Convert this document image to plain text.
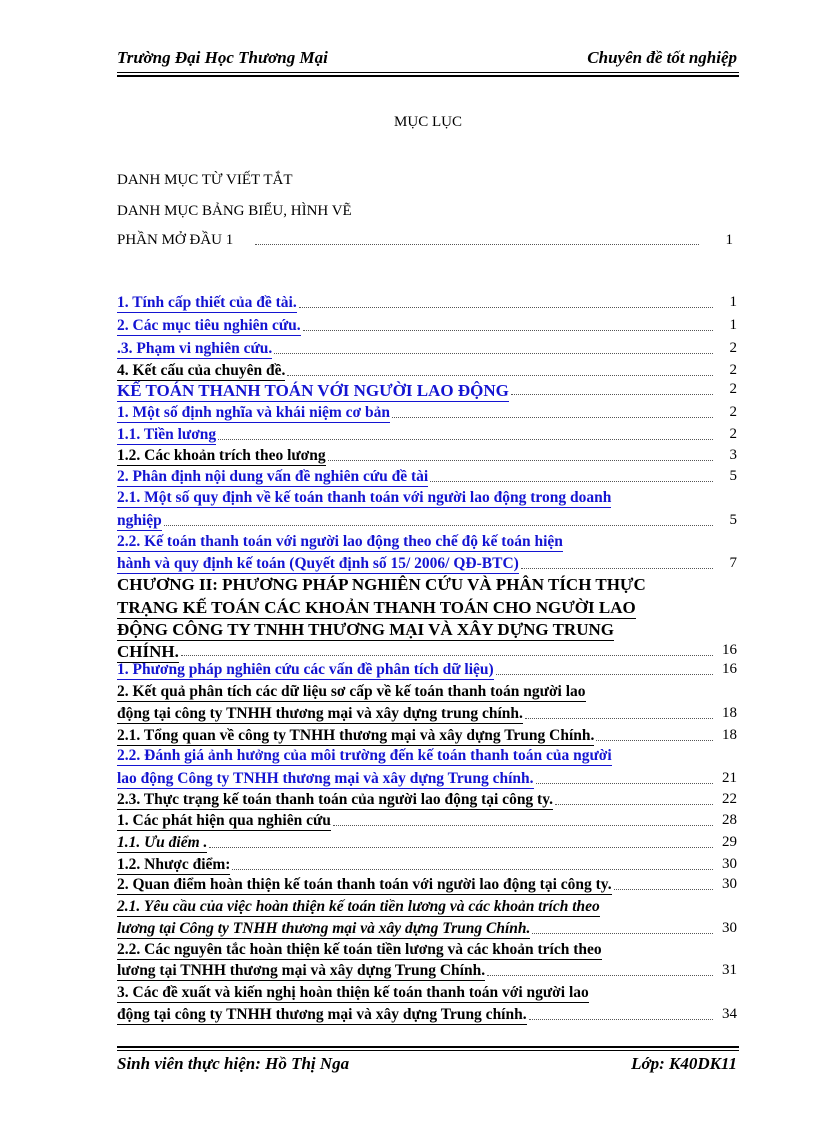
Trường Đại Học Thương Mại	Chuyên đề tốt nghiệp
MỤC LỤC
DANH MỤC TỪ VIẾT TẮT
DANH MỤC BẢNG BIỂU, HÌNH VẼ
PHẦN MỞ ĐẦU 1	1
1. Tính cấp thiết của đề tài.	1
2. Các mục tiêu nghiên cứu.	1
.3. Phạm vi nghiên cứu.	2
4. Kết cấu của chuyên đề.	2
KẾ TOÁN THANH TOÁN VỚI NGƯỜI LAO ĐỘNG	2
1. Một số định nghĩa và khái niệm cơ bản	2
1.1. Tiền lương	2
1.2. Các khoản trích theo lương	3
2. Phân định nội dung vấn đề nghiên cứu đề tài	5
2.1. Một số quy định về kế toán thanh toán với người lao động trong doanh
nghiệp	5
2.2. Kế toán thanh toán với người lao động theo chế độ kế toán hiện
hành và quy định kế toán (Quyết định số 15/ 2006/ QĐ-BTC)	7
CHƯƠNG II: PHƯƠNG PHÁP NGHIÊN CỨU VÀ PHÂN TÍCH THỰC
TRẠNG KẾ TOÁN CÁC KHOẢN THANH TOÁN CHO NGƯỜI LAO
ĐỘNG CÔNG TY TNHH THƯƠNG MẠI VÀ XÂY DỰNG TRUNG
CHÍNH.	16
1. Phương pháp nghiên cứu các vấn đề phân tích dữ liệu)	16
2. Kết quả phân tích các dữ liệu sơ cấp về kế toán thanh toán người lao
động tại công ty TNHH thương mại và xây dựng trung chính.	18
2.1. Tổng quan về công ty TNHH thương mại và xây dựng Trung Chính.	18
2.2. Đánh giá ảnh hưởng của môi trường đến kế toán thanh toán của người
lao động Công ty TNHH thương mại và xây dựng Trung chính.	21
2.3. Thực trạng kế toán thanh toán của người lao động tại công ty.	22
1. Các phát hiện qua nghiên cứu	28
1.1. Ưu điểm .	29
1.2. Nhược điểm:	30
2. Quan điểm hoàn thiện kế toán thanh toán với người lao động tại công ty.	30
2.1. Yêu cầu của việc hoàn thiện kế toán tiền lương và các khoản trích theo
lương tại Công ty TNHH thương mại và xây dựng Trung Chính.	30
2.2. Các nguyên tắc hoàn thiện kế toán tiền lương và các khoản trích theo
lương tại TNHH thương mại và xây dựng Trung Chính.	31
3. Các đề xuất và kiến nghị hoàn thiện kế toán thanh toán với người lao
động tại công ty TNHH thương mại và xây dựng Trung chính.	34
Sinh viên thực hiện: Hồ Thị Nga	Lớp: K40DK11
